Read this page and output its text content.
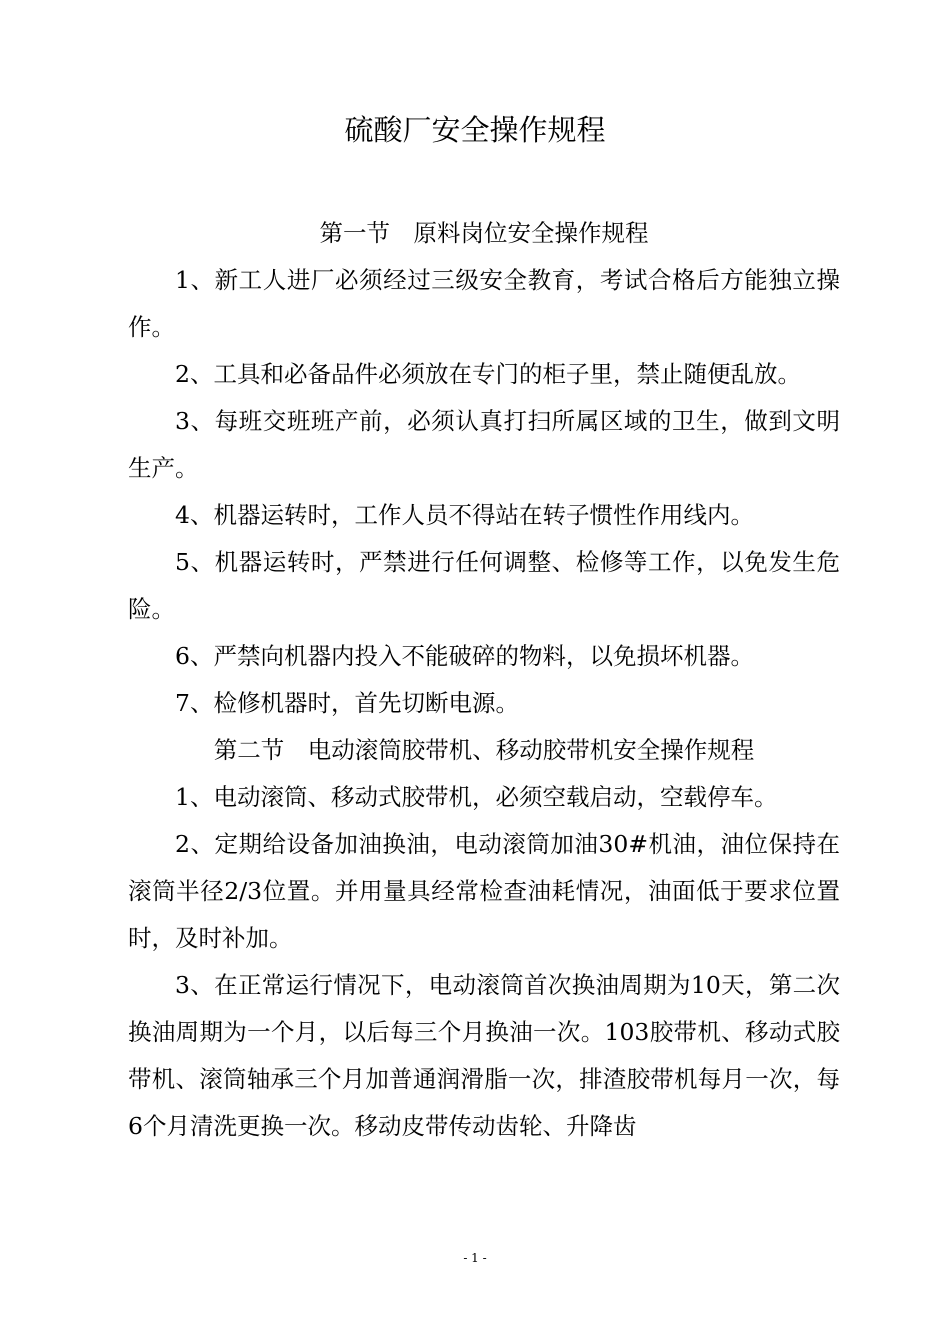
硫酸厂安全操作规程
第一节　原料岗位安全操作规程

1、新工人进厂必须经过三级安全教育，考试合格后方能独立操作。

2、工具和必备品件必须放在专门的柜子里，禁止随便乱放。

3、每班交班班产前，必须认真打扫所属区域的卫生，做到文明生产。

4、机器运转时，工作人员不得站在转子惯性作用线内。

5、机器运转时，严禁进行任何调整、检修等工作，以免发生危险。

6、严禁向机器内投入不能破碎的物料，以免损坏机器。

7、检修机器时，首先切断电源。

第二节　电动滚筒胶带机、移动胶带机安全操作规程

1、电动滚筒、移动式胶带机，必须空载启动，空载停车。

2、定期给设备加油换油，电动滚筒加油30#机油，油位保持在滚筒半径2/3位置。并用量具经常检查油耗情况，油面低于要求位置时，及时补加。

3、在正常运行情况下，电动滚筒首次换油周期为10天，第二次换油周期为一个月，以后每三个月换油一次。103胶带机、移动式胶带机、滚筒轴承三个月加普通润滑脂一次，排渣胶带机每月一次，每6个月清洗更换一次。移动皮带传动齿轮、升降齿

- 1 -
